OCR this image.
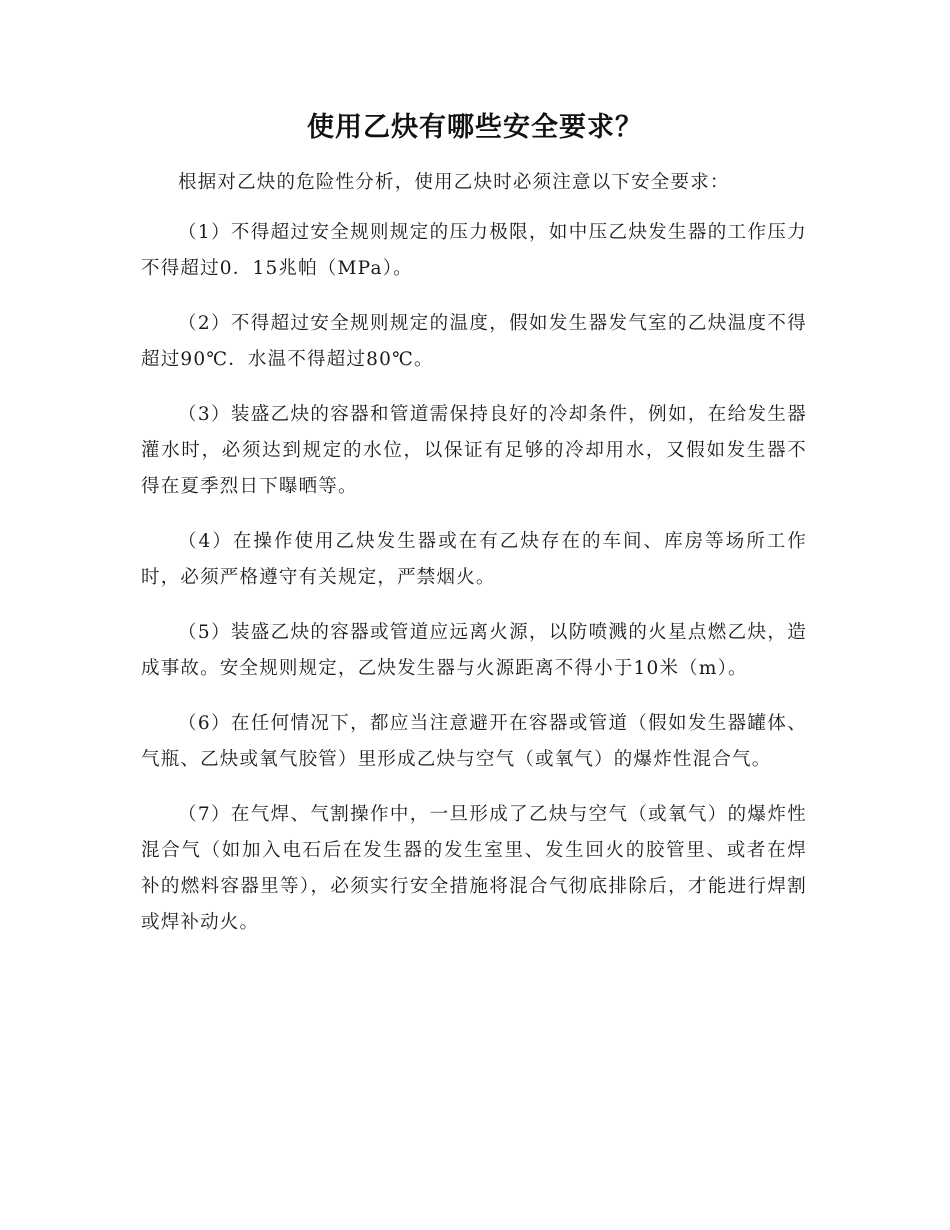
使用乙炔有哪些安全要求？

根据对乙炔的危险性分析，使用乙炔时必须注意以下安全要求：

（1）不得超过安全规则规定的压力极限，如中压乙炔发生器的工作压力不得超过0．15兆帕（MPa）。

（2）不得超过安全规则规定的温度，假如发生器发气室的乙炔温度不得超过90℃．水温不得超过80℃。

（3）装盛乙炔的容器和管道需保持良好的冷却条件，例如，在给发生器灌水时，必须达到规定的水位，以保证有足够的冷却用水，又假如发生器不得在夏季烈日下曝晒等。

（4）在操作使用乙炔发生器或在有乙炔存在的车间、库房等场所工作时，必须严格遵守有关规定，严禁烟火。

（5）装盛乙炔的容器或管道应远离火源，以防喷溅的火星点燃乙炔，造成事故。安全规则规定，乙炔发生器与火源距离不得小于10米（m）。

（6）在任何情况下，都应当注意避开在容器或管道（假如发生器罐体、气瓶、乙炔或氧气胶管）里形成乙炔与空气（或氧气）的爆炸性混合气。

（7）在气焊、气割操作中，一旦形成了乙炔与空气（或氧气）的爆炸性混合气（如加入电石后在发生器的发生室里、发生回火的胶管里、或者在焊补的燃料容器里等），必须实行安全措施将混合气彻底排除后，才能进行焊割或焊补动火。
